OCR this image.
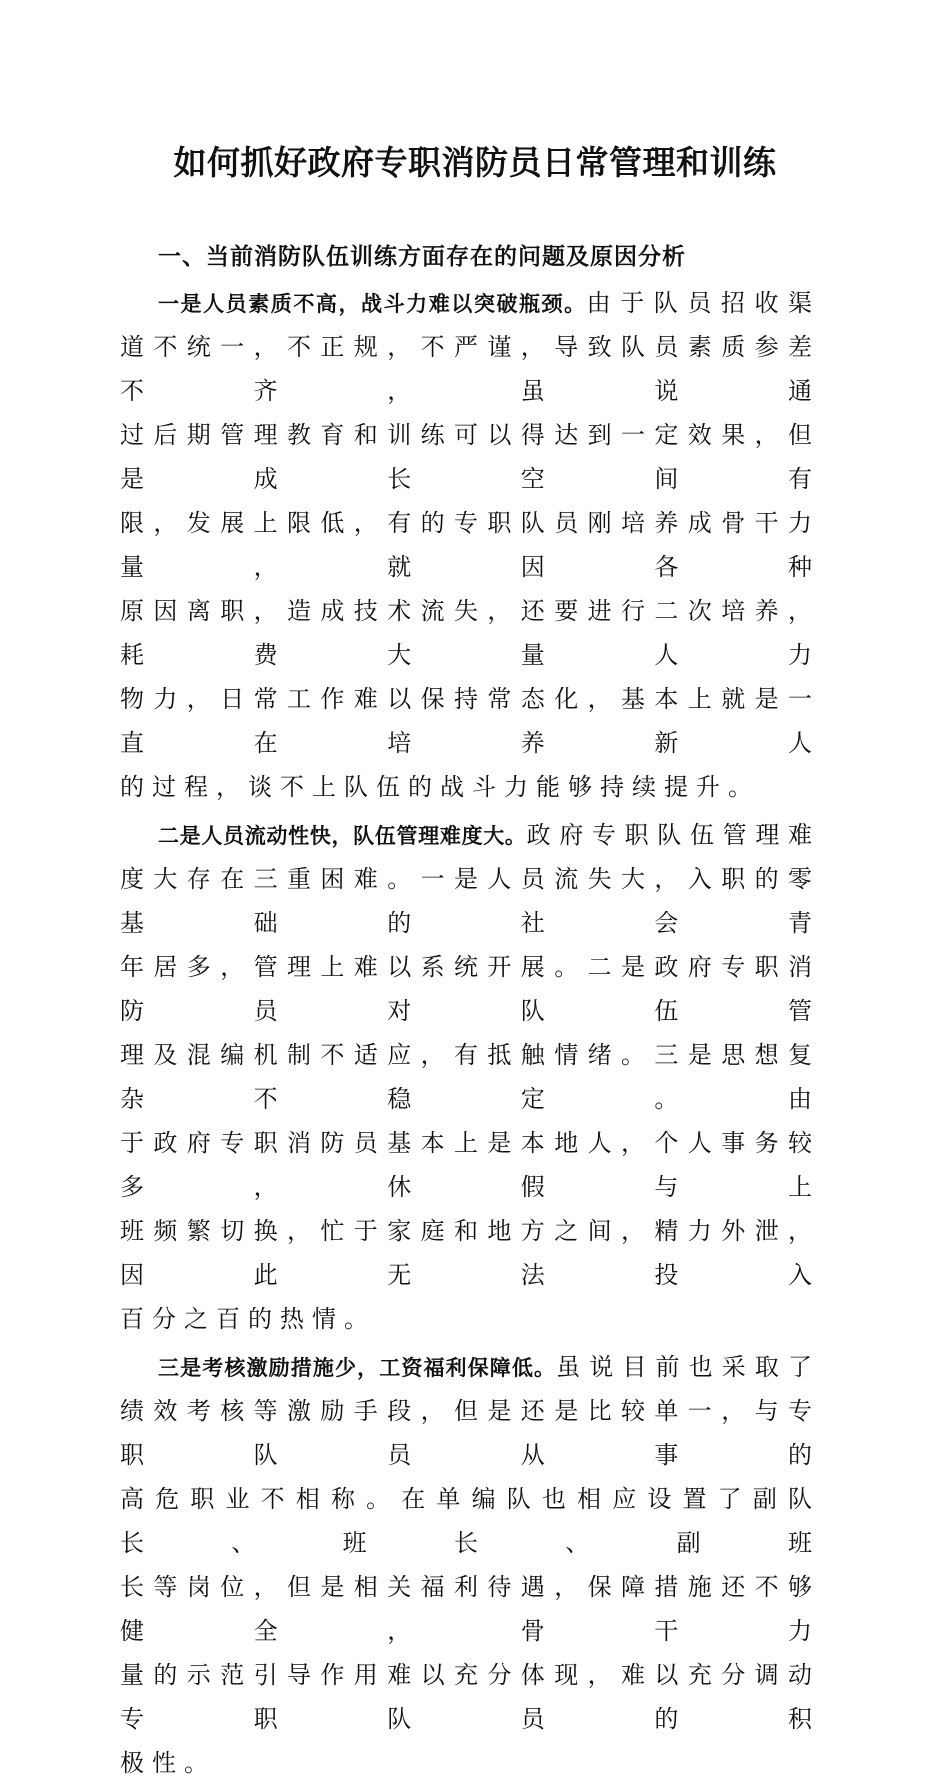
如何抓好政府专职消防员日常管理和训练
一、当前消防队伍训练方面存在的问题及原因分析
一是人员素质不高，战斗力难以突破瓶颈。由于队员招收渠
道不统一，不正规，不严谨，导致队员素质参差不齐，虽说通
过后期管理教育和训练可以得达到一定效果，但是成长空间有
限，发展上限低，有的专职队员刚培养成骨干力量，就因各种
原因离职，造成技术流失，还要进行二次培养，耗费大量人力
物力，日常工作难以保持常态化，基本上就是一直在培养新人
的过程，谈不上队伍的战斗力能够持续提升。
二是人员流动性快，队伍管理难度大。政府专职队伍管理难
度大存在三重困难。一是人员流失大，入职的零基础的社会青
年居多，管理上难以系统开展。二是政府专职消防员对队伍管
理及混编机制不适应，有抵触情绪。三是思想复杂不稳定。由
于政府专职消防员基本上是本地人，个人事务较多，休假与上
班频繁切换，忙于家庭和地方之间，精力外泄，因此无法投入
百分之百的热情。
三是考核激励措施少，工资福利保障低。虽说目前也采取了
绩效考核等激励手段，但是还是比较单一，与专职队员从事的
高危职业不相称。在单编队也相应设置了副队长、班长、副班
长等岗位，但是相关福利待遇，保障措施还不够健全，骨干力
量的示范引导作用难以充分体现，难以充分调动专职队员的积
极性。
